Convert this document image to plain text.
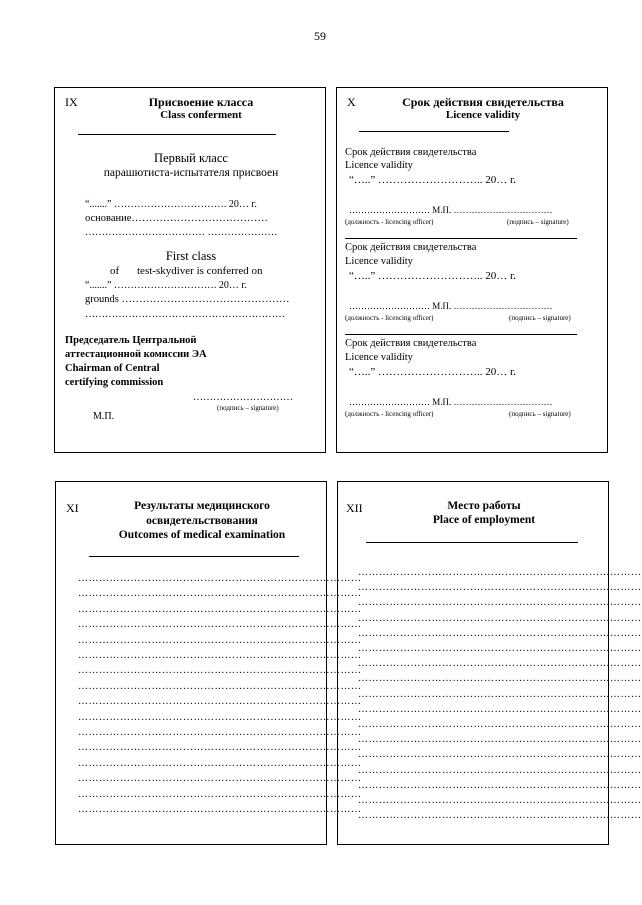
59
IX	Присвоение класса
Class conferment
Первый класс
парашютиста-испытателя присвоен
“.......” ……………………………. 20… г.
основание…………………………………
……………………………… …………………
First class
of test-skydiver is conferred on
“.......” …………………………. 20… г.
grounds …………………………………………
……………………………………………………
Председатель Центральной
аттестационной комиссии ЭА
Chairman of Central
certifying commission
…………………………
(подпись – signature)
М.П.
X	Срок действия свидетельства
Licence validity
Срок действия свидетельства
Licence validity
“…..” ……………………….. 20… г.
……………………… М.П. ……………………………
(должность - licencing officer)	(подпись – signature)
Срок действия свидетельства
Licence validity
“…..” ……………………….. 20… г.
……………………… М.П. ……………………………
(должность - licencing officer)	(подпись – signature)
Срок действия свидетельства
Licence validity
“…..” ……………………….. 20… г.
……………………… М.П. ……………………………
(должность - licencing officer)	(подпись – signature)
XI	Результаты медицинского
освидетельствования
Outcomes of medical examination
………………………………………………………………………
………………………………………………………………………
………………………………………………………………………
………………………………………………………………………
………………………………………………………………………
………………………………………………………………………
………………………………………………………………………
………………………………………………………………………
………………………………………………………………………
………………………………………………………………………
………………………………………………………………………
………………………………………………………………………
………………………………………………………………………
………………………………………………………………………
………………………………………………………………………
………………………………………………………………………
XII	Место работы
Place of employment
………………………………………………………………………
………………………………………………………………………
………………………………………………………………………
………………………………………………………………………
………………………………………………………………………
………………………………………………………………………
………………………………………………………………………
………………………………………………………………………
………………………………………………………………………
………………………………………………………………………
………………………………………………………………………
………………………………………………………………………
………………………………………………………………………
………………………………………………………………………
………………………………………………………………………
………………………………………………………………………
………………………………………………………………………
